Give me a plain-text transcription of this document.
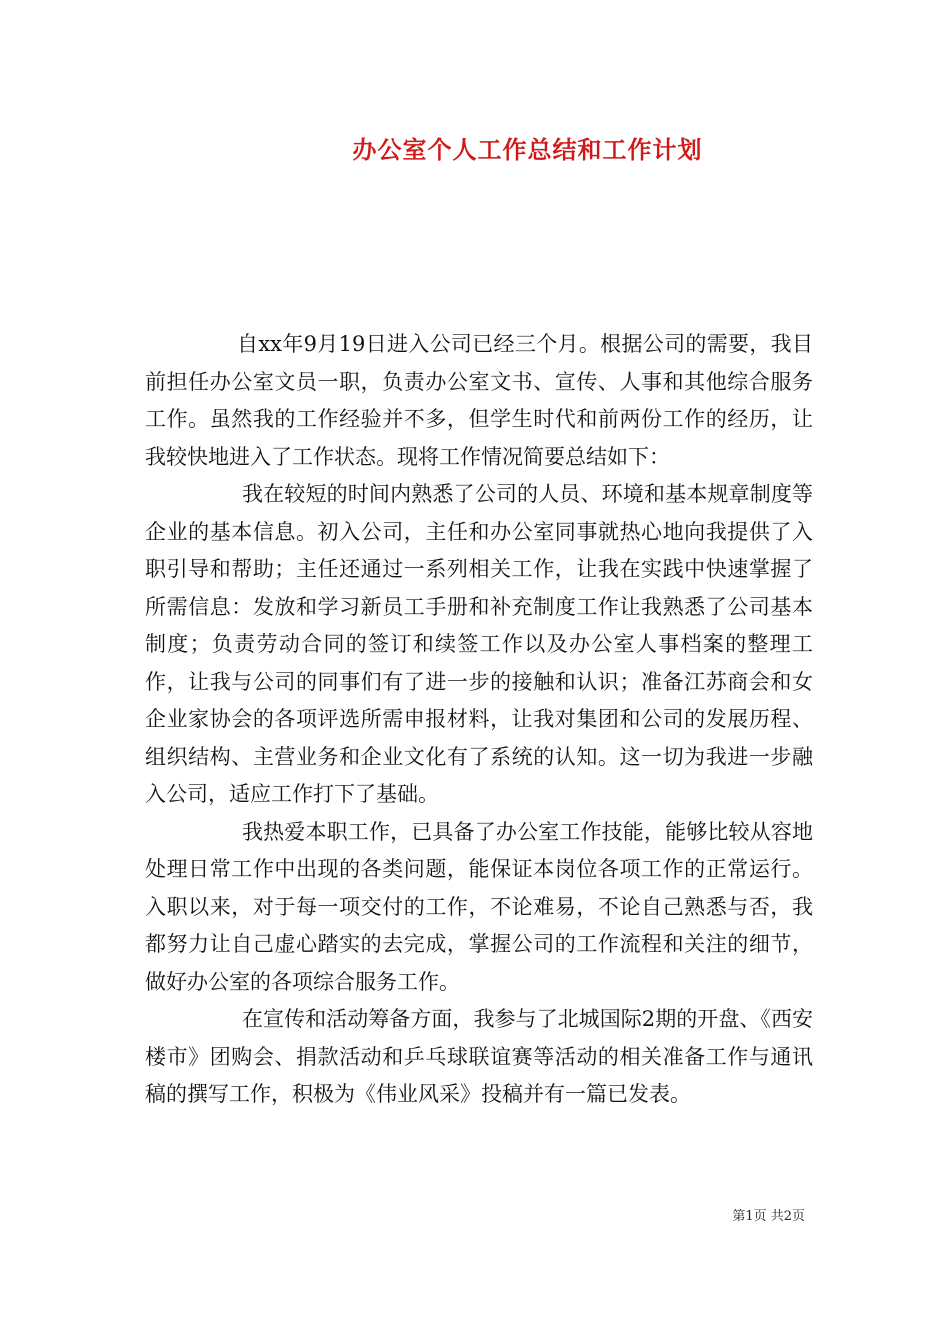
办公室个人工作总结和工作计划

自xx年9月19日进入公司已经三个月。根据公司的需要，我目前担任办公室文员一职，负责办公室文书、宣传、人事和其他综合服务工作。虽然我的工作经验并不多，但学生时代和前两份工作的经历，让我较快地进入了工作状态。现将工作情况简要总结如下：

我在较短的时间内熟悉了公司的人员、环境和基本规章制度等企业的基本信息。初入公司，主任和办公室同事就热心地向我提供了入职引导和帮助；主任还通过一系列相关工作，让我在实践中快速掌握了所需信息：发放和学习新员工手册和补充制度工作让我熟悉了公司基本制度；负责劳动合同的签订和续签工作以及办公室人事档案的整理工作，让我与公司的同事们有了进一步的接触和认识；准备江苏商会和女企业家协会的各项评选所需申报材料，让我对集团和公司的发展历程、组织结构、主营业务和企业文化有了系统的认知。这一切为我进一步融入公司，适应工作打下了基础。

我热爱本职工作，已具备了办公室工作技能，能够比较从容地处理日常工作中出现的各类问题，能保证本岗位各项工作的正常运行。入职以来，对于每一项交付的工作，不论难易，不论自己熟悉与否，我都努力让自己虚心踏实的去完成，掌握公司的工作流程和关注的细节，做好办公室的各项综合服务工作。

在宣传和活动筹备方面，我参与了北城国际2期的开盘、《西安楼市》团购会、捐款活动和乒乓球联谊赛等活动的相关准备工作与通讯稿的撰写工作，积极为《伟业风采》投稿并有一篇已发表。

第1页 共2页
